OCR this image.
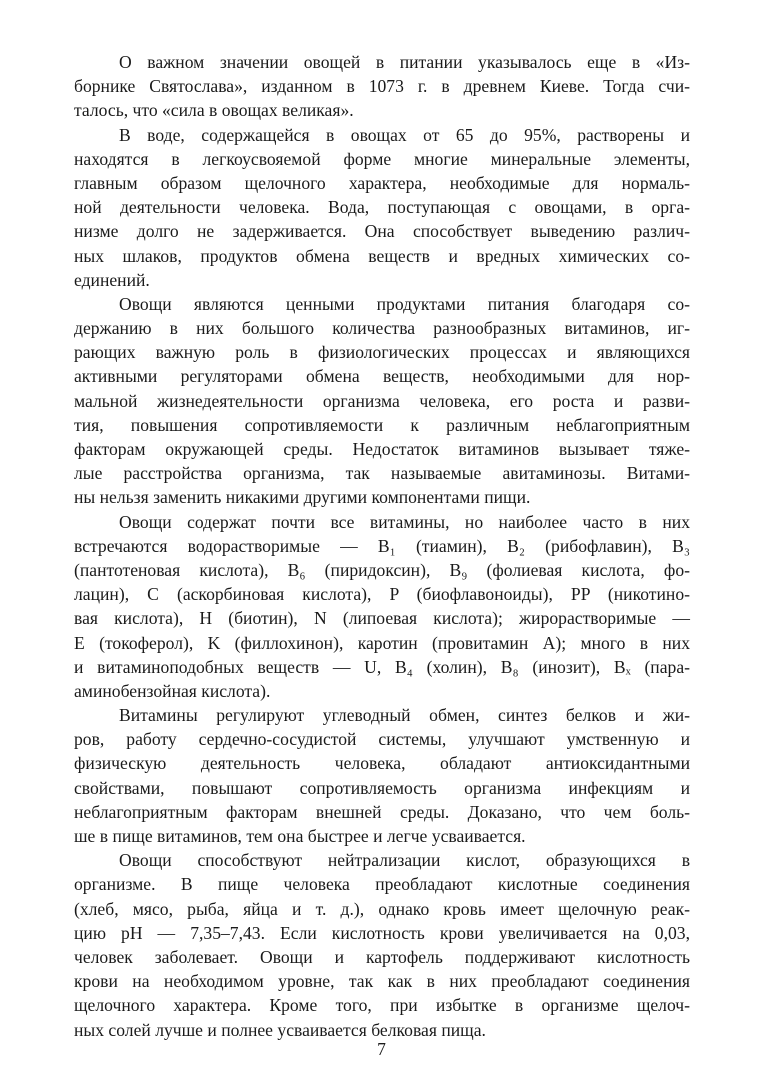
О важном значении овощей в питании указывалось еще в «Из-
борнике Святослава», изданном в 1073 г. в древнем Киеве. Тогда счи-
талось, что «сила в овощах великая».

В воде, содержащейся в овощах от 65 до 95%, растворены и
находятся в легкоусвояемой форме многие минеральные элементы,
главным образом щелочного характера, необходимые для нормаль-
ной деятельности человека. Вода, поступающая с овощами, в орга-
низме долго не задерживается. Она способствует выведению различ-
ных шлаков, продуктов обмена веществ и вредных химических со-
единений.

Овощи являются ценными продуктами питания благодаря со-
держанию в них большого количества разнообразных витаминов, иг-
рающих важную роль в физиологических процессах и являющихся
активными регуляторами обмена веществ, необходимыми для нор-
мальной жизнедеятельности организма человека, его роста и разви-
тия, повышения сопротивляемости к различным неблагоприятным
факторам окружающей среды. Недостаток витаминов вызывает тяже-
лые расстройства организма, так называемые авитаминозы. Витами-
ны нельзя заменить никакими другими компонентами пищи.

Овощи содержат почти все витамины, но наиболее часто в них
встречаются водорастворимые — B₁ (тиамин), B₂ (рибофлавин), B₃
(пантотеновая кислота), B₆ (пиридоксин), B₉ (фолиевая кислота, фо-
лацин), C (аскорбиновая кислота), P (биофлавоноиды), PP (никотино-
вая кислота), H (биотин), N (липоевая кислота); жирорастворимые —
E (токоферол), K (филлохинон), каротин (провитамин A); много в них
и витаминоподобных веществ — U, B₄ (холин), B₈ (инозит), Bₓ (пара-
аминобензойная кислота).

Витамины регулируют углеводный обмен, синтез белков и жи-
ров, работу сердечно-сосудистой системы, улучшают умственную и
физическую деятельность человека, обладают антиоксидантными
свойствами, повышают сопротивляемость организма инфекциям и
неблагоприятным факторам внешней среды. Доказано, что чем боль-
ше в пище витаминов, тем она быстрее и легче усваивается.

Овощи способствуют нейтрализации кислот, образующихся в
организме. В пище человека преобладают кислотные соединения
(хлеб, мясо, рыба, яйца и т. д.), однако кровь имеет щелочную реак-
цию pH — 7,35–7,43. Если кислотность крови увеличивается на 0,03,
человек заболевает. Овощи и картофель поддерживают кислотность
крови на необходимом уровне, так как в них преобладают соединения
щелочного характера. Кроме того, при избытке в организме щелоч-
ных солей лучше и полнее усваивается белковая пища.

7
